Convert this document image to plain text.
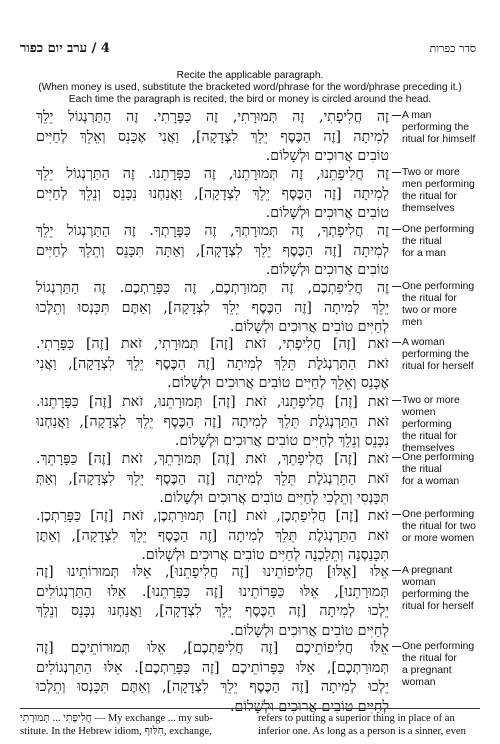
4 / ערב יום כפור	סדר כפרות
Recite the applicable paragraph.
(When money is used, substitute the bracketed word/phrase for the word/phrase preceding it.)
Each time the paragraph is recited, the bird or money is circled around the head.
זֶה חֲלִיפָתִי, זֶה תְּמוּרָתִי, זֶה כַּפָּרָתִי. זֶה הַתַּרְנְגוֹל יֵלֵךְ
לְמִיתָה [זֶה הַכֶּסֶף יֵלֵךְ לִצְדָקָה], וַאֲנִי אֶכָּנֵס וְאֵלֵךְ לְחַיִּים
טוֹבִים אֲרוּכִים וּלְשָׁלוֹם.
A man
performing the
ritual for himself
זֶה חֲלִיפָתֵנוּ, זֶה תְּמוּרָתֵנוּ, זֶה כַּפָּרָתֵנוּ. זֶה הַתַּרְנְגוֹל יֵלֵךְ
לְמִיתָה [זֶה הַכֶּסֶף יֵלֵךְ לִצְדָקָה], וַאֲנַחְנוּ נִכָּנֵס וְנֵלֵךְ לְחַיִּים
טוֹבִים אֲרוּכִים וּלְשָׁלוֹם.
Two or more
men performing
the ritual for
themselves
זֶה חֲלִיפָתְךָ, זֶה תְּמוּרָתְךָ, זֶה כַּפָּרָתְךָ. זֶה הַתַּרְנְגוֹל יֵלֵךְ
לְמִיתָה [זֶה הַכֶּסֶף יֵלֵךְ לִצְדָקָה], וְאַתָּה תִּכָּנֵס וְתֵלֵךְ לְחַיִּים
טוֹבִים אֲרוּכִים וּלְשָׁלוֹם.
One performing
the ritual
for a man
זֶה חֲלִיפַתְכֶם, זֶה תְּמוּרַתְכֶם, זֶה כַּפָּרַתְכֶם. זֶה הַתַּרְנְגוֹל
יֵלֵךְ לְמִיתָה [זֶה הַכֶּסֶף יֵלֵךְ לִצְדָקָה], וְאַתֶּם תִּכָּנְסוּ וְתֵלְכוּ
לְחַיִּים טוֹבִים אֲרוּכִים וּלְשָׁלוֹם.
One performing
the ritual for
two or more
men
זֹאת [זֶה] חֲלִיפָתִי, זֹאת [זֶה] תְּמוּרָתִי, זֹאת [זֶה] כַּפָּרָתִי.
זֹאת הַתַּרְנְגֹלֶת תֵּלֵךְ לְמִיתָה [זֶה הַכֶּסֶף יֵלֵךְ לִצְדָקָה], וַאֲנִי
אֶכָּנֵס וְאֵלֵךְ לְחַיִּים טוֹבִים אֲרוּכִים וּלְשָׁלוֹם.
A woman
performing the
ritual for herself
זֹאת [זֶה] חֲלִיפָתֵנוּ, זֹאת [זֶה] תְּמוּרָתֵנוּ, זֹאת [זֶה] כַּפָּרָתֵנוּ.
זֹאת הַתַּרְנְגֹלֶת תֵּלֵךְ לְמִיתָה [זֶה הַכֶּסֶף יֵלֵךְ לִצְדָקָה], וַאֲנַחְנוּ
נִכָּנֵס וְנֵלֵךְ לְחַיִּים טוֹבִים אֲרוּכִים וּלְשָׁלוֹם.
Two or more
women
performing
the ritual for
themselves
זֹאת [זֶה] חֲלִיפָתֵךְ, זֹאת [זֶה] תְּמוּרָתֵךְ, זֹאת [זֶה] כַּפָּרָתֵךְ.
זֹאת הַתַּרְנְגֹלֶת תֵּלֵךְ לְמִיתָה [זֶה הַכֶּסֶף יֵלֵךְ לִצְדָקָה], וְאַתְּ
תִּכָּנְסִי וְתֵלְכִי לְחַיִּים טוֹבִים אֲרוּכִים וּלְשָׁלוֹם.
One performing
the ritual
for a woman
זֹאת [זֶה] חֲלִיפַתְכֶן, זֹאת [זֶה] תְּמוּרַתְכֶן, זֹאת [זֶה] כַּפָּרַתְכֶן.
זֹאת הַתַּרְנְגֹלֶת תֵּלֵךְ לְמִיתָה [זֶה הַכֶּסֶף יֵלֵךְ לִצְדָקָה], וְאַתֶּן
תִּכָּנַסְנָה וְתֵלַכְנָה לְחַיִּים טוֹבִים אֲרוּכִים וּלְשָׁלוֹם.
One performing
the ritual for two
or more women
אֵלּוּ [אֵלּוּ] חֲלִיפוֹתֵינוּ [זֶה חֲלִיפָתֵנוּ], אֵלּוּ תְּמוּרוֹתֵינוּ [זֶה
תְּמוּרָתֵנוּ], אֵלּוּ כַּפָּרוֹתֵינוּ [זֶה כַּפָּרָתֵנוּ]. אֵלּוּ הַתַּרְנְגוֹלִים
יֵלְכוּ לְמִיתָה [זֶה הַכֶּסֶף יֵלֵךְ לִצְדָקָה], וַאֲנַחְנוּ נִכָּנֵס וְנֵלֵךְ
לְחַיִּים טוֹבִים אֲרוּכִים וּלְשָׁלוֹם.
A pregnant
woman
performing the
ritual for herself
אֵלּוּ חֲלִיפוֹתֵיכֶם [זֶה חֲלִיפַתְכֶם], אֵלּוּ תְּמוּרוֹתֵיכֶם [זֶה
תְּמוּרַתְכֶם], אֵלּוּ כַּפָּרוֹתֵיכֶם [זֶה כַּפָּרַתְכֶם]. אֵלּוּ הַתַּרְנְגוֹלִים
יֵלְכוּ לְמִיתָה [זֶה הַכֶּסֶף יֵלֵךְ לִצְדָקָה], וְאַתֶּם תִּכָּנְסוּ וְתֵלְכוּ
לְחַיִּים טוֹבִים אֲרוּכִים וּלְשָׁלוֹם.
One performing
the ritual for
a pregnant
woman
חֲלִיפָתִי ... תְּמוּרָתִי — My exchange ... my sub-
stitute. In the Hebrew idiom, חִלּוּף, exchange,
refers to putting a superior thing in place of an
inferior one. As long as a person is a sinner, even
